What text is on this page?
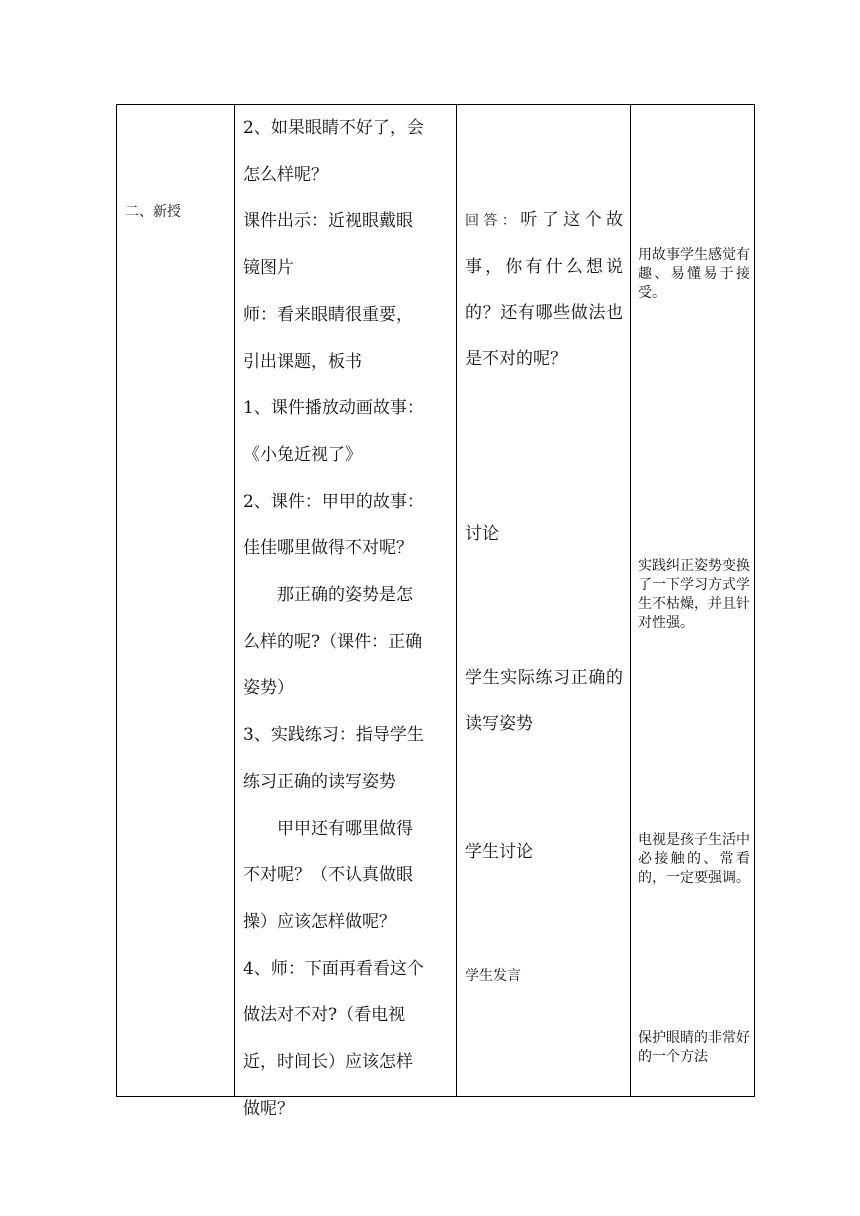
二、新授

2、如果眼睛不好了，会

怎么样呢？

课件出示：近视眼戴眼

镜图片

师：看来眼睛很重要，

引出课题，板书

1、课件播放动画故事：

《小兔近视了》

2、课件：甲甲的故事：

佳佳哪里做得不对呢？

那正确的姿势是怎

么样的呢?（课件：正确

姿势）

3、实践练习：指导学生

练习正确的读写姿势

甲甲还有哪里做得

不对呢？（不认真做眼

操）应该怎样做呢？

4、师：下面再看看这个

做法对不对?（看电视

近，时间长）应该怎样

做呢？

回答：听了这个故事，你有什么想说的？还有哪些做法也是不对的呢？

讨论

学生实际练习正确的读写姿势

学生讨论

学生发言

用故事学生感觉有趣、易懂易于接受。

实践纠正姿势变换了一下学习方式学生不枯燥，并且针对性强。

电视是孩子生活中必接触的、常看的，一定要强调。

保护眼睛的非常好的一个方法
